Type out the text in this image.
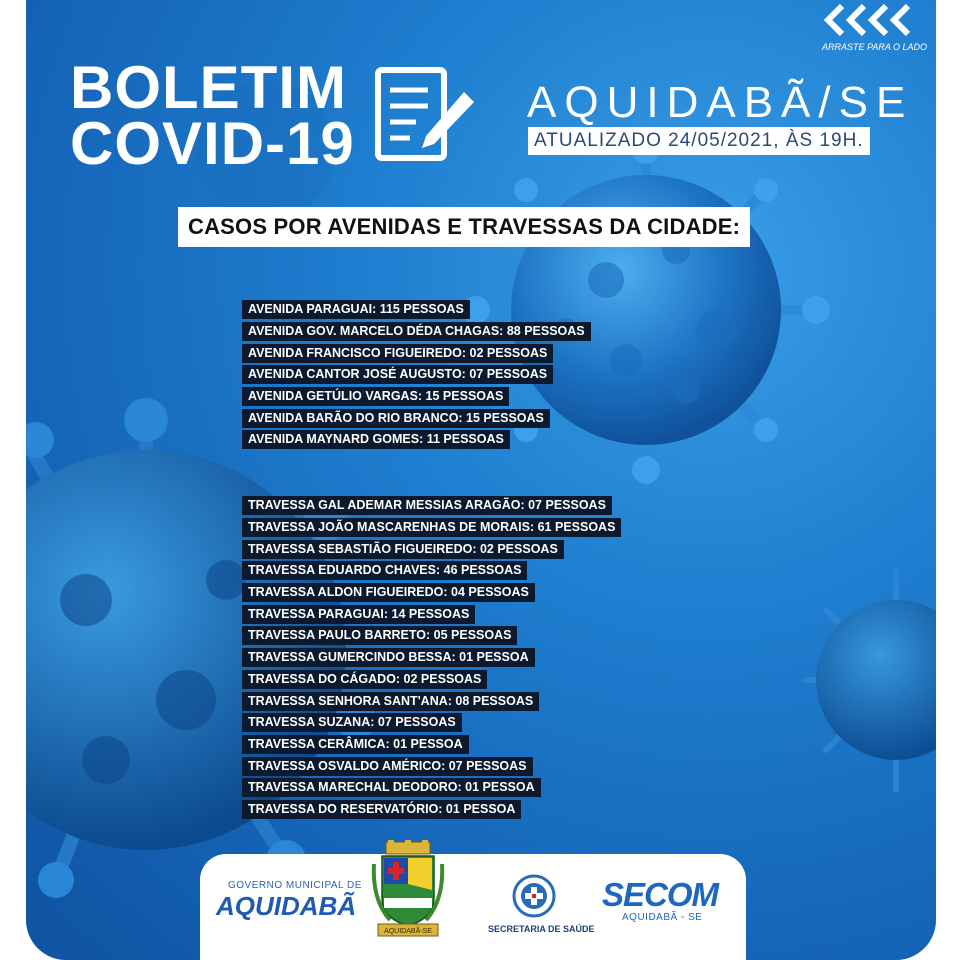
BOLETIM
COVID-19
AQUIDABÃ/SE
ATUALIZADO 24/05/2021, ÀS 19H.
ARRASTE PARA O LADO
CASOS POR AVENIDAS E TRAVESSAS DA CIDADE:
AVENIDA PARAGUAI: 115 PESSOAS
AVENIDA GOV. MARCELO DÉDA CHAGAS: 88 PESSOAS
AVENIDA FRANCISCO FIGUEIREDO: 02 PESSOAS
AVENIDA CANTOR JOSÉ AUGUSTO: 07 PESSOAS
AVENIDA GETÚLIO VARGAS: 15 PESSOAS
AVENIDA BARÃO DO RIO BRANCO: 15 PESSOAS
AVENIDA MAYNARD GOMES: 11 PESSOAS
TRAVESSA GAL ADEMAR MESSIAS ARAGÃO: 07 PESSOAS
TRAVESSA JOÃO MASCARENHAS DE MORAIS: 61 PESSOAS
TRAVESSA SEBASTIÃO FIGUEIREDO: 02 PESSOAS
TRAVESSA EDUARDO CHAVES: 46 PESSOAS
TRAVESSA ALDON FIGUEIREDO: 04 PESSOAS
TRAVESSA PARAGUAI: 14 PESSOAS
TRAVESSA PAULO BARRETO: 05 PESSOAS
TRAVESSA GUMERCINDO BESSA: 01 PESSOA
TRAVESSA DO CÁGADO: 02 PESSOAS
TRAVESSA SENHORA SANT'ANA: 08 PESSOAS
TRAVESSA SUZANA: 07 PESSOAS
TRAVESSA CERÂMICA: 01 PESSOA
TRAVESSA OSVALDO AMÉRICO: 07 PESSOAS
TRAVESSA MARECHAL DEODORO: 01 PESSOA
TRAVESSA DO RESERVATÓRIO: 01 PESSOA
GOVERNO MUNICIPAL DE
AQUIDABÃ
AQUIDABÃ-SE	SECRETARIA DE SAÚDE
SECOM
AQUIDABÃ - SE
